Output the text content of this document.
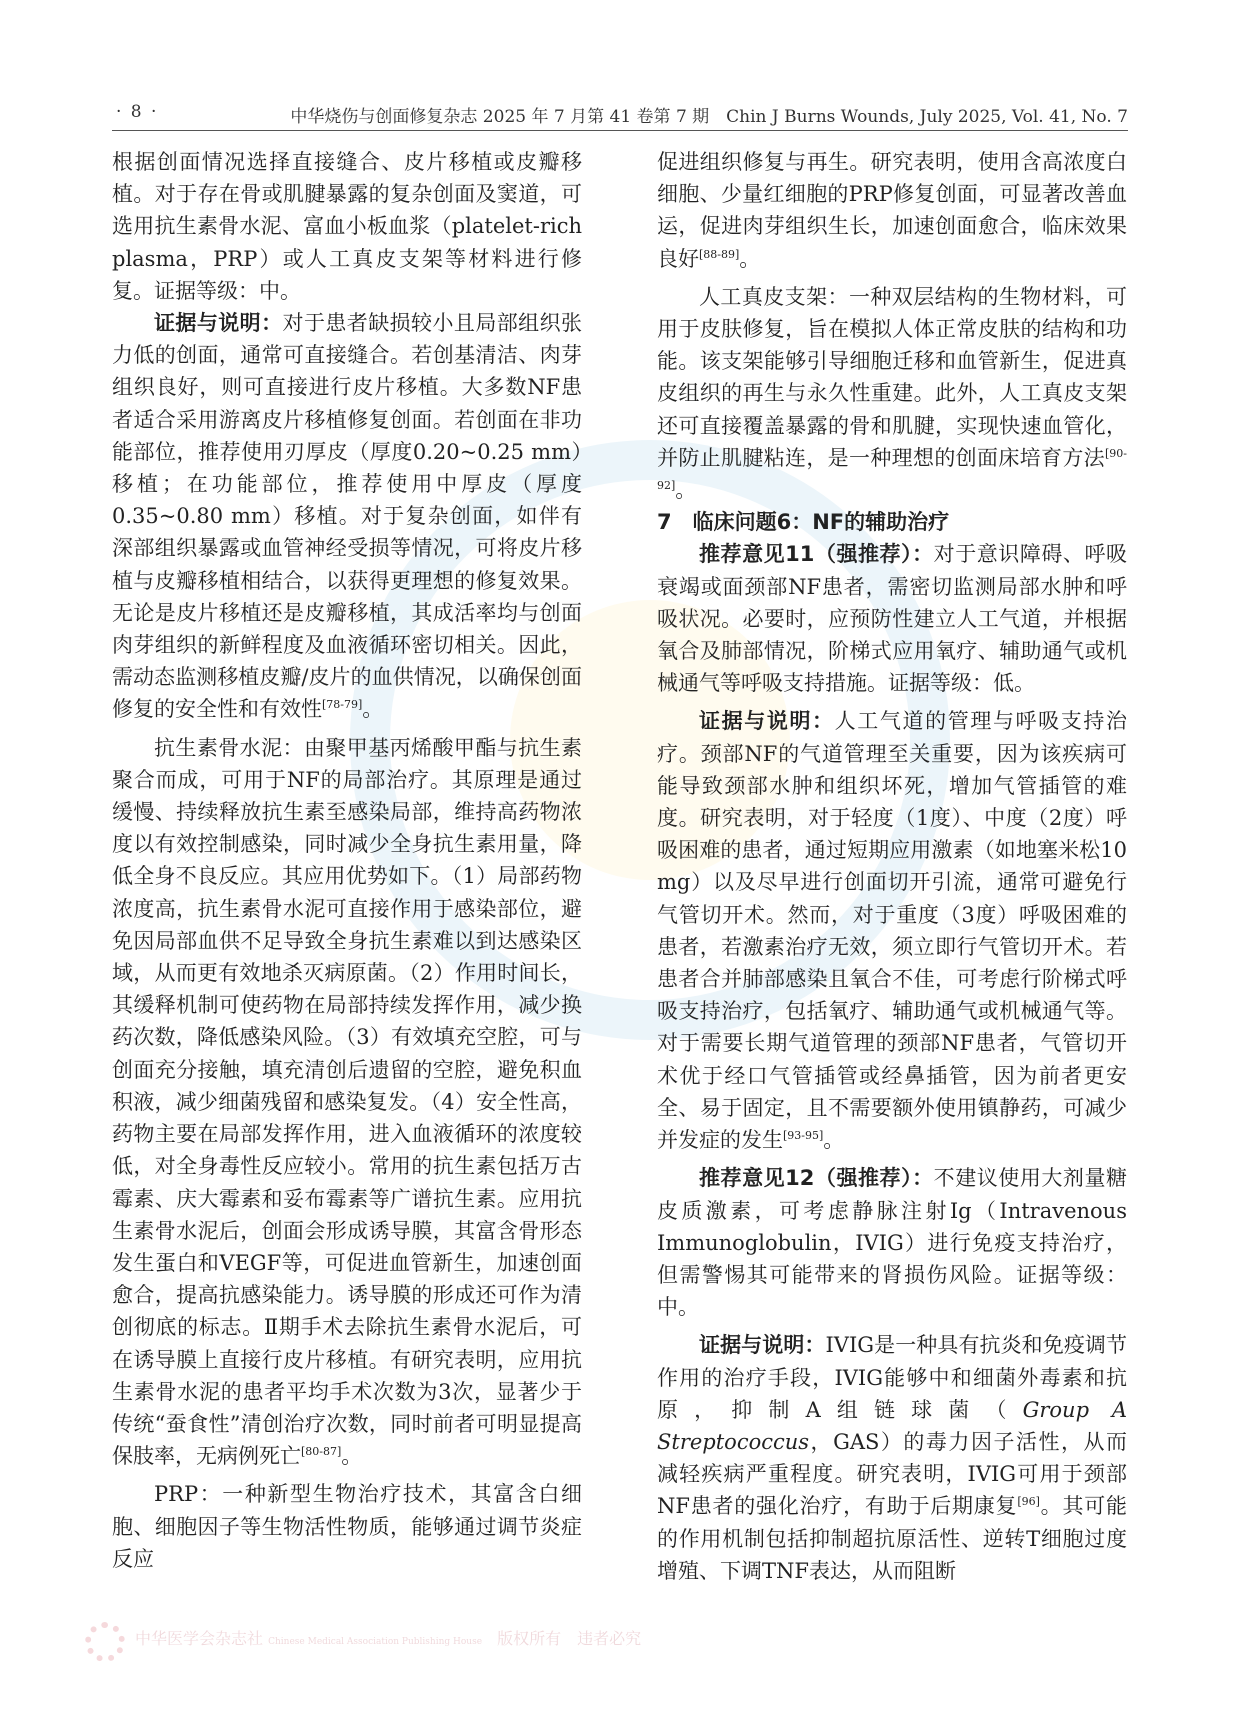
· 8 ·	中华烧伤与创面修复杂志 2025 年 7 月第 41 卷第 7 期　Chin J Burns Wounds, July 2025, Vol. 41, No. 7

根据创面情况选择直接缝合、皮片移植或皮瓣移植。对于存在骨或肌腱暴露的复杂创面及窦道，可选用抗生素骨水泥、富血小板血浆（platelet-rich plasma，PRP）或人工真皮支架等材料进行修复。证据等级：中。

证据与说明：对于患者缺损较小且局部组织张力低的创面，通常可直接缝合。若创基清洁、肉芽组织良好，则可直接进行皮片移植。大多数NF患者适合采用游离皮片移植修复创面。若创面在非功能部位，推荐使用刃厚皮（厚度0.20~0.25 mm）移植；在功能部位，推荐使用中厚皮（厚度0.35~0.80 mm）移植。对于复杂创面，如伴有深部组织暴露或血管神经受损等情况，可将皮片移植与皮瓣移植相结合，以获得更理想的修复效果。无论是皮片移植还是皮瓣移植，其成活率均与创面肉芽组织的新鲜程度及血液循环密切相关。因此，需动态监测移植皮瓣/皮片的血供情况，以确保创面修复的安全性和有效性[78-79]。

抗生素骨水泥：由聚甲基丙烯酸甲酯与抗生素聚合而成，可用于NF的局部治疗。其原理是通过缓慢、持续释放抗生素至感染局部，维持高药物浓度以有效控制感染，同时减少全身抗生素用量，降低全身不良反应。其应用优势如下。（1）局部药物浓度高，抗生素骨水泥可直接作用于感染部位，避免因局部血供不足导致全身抗生素难以到达感染区域，从而更有效地杀灭病原菌。（2）作用时间长，其缓释机制可使药物在局部持续发挥作用，减少换药次数，降低感染风险。（3）有效填充空腔，可与创面充分接触，填充清创后遗留的空腔，避免积血积液，减少细菌残留和感染复发。（4）安全性高，药物主要在局部发挥作用，进入血液循环的浓度较低，对全身毒性反应较小。常用的抗生素包括万古霉素、庆大霉素和妥布霉素等广谱抗生素。应用抗生素骨水泥后，创面会形成诱导膜，其富含骨形态发生蛋白和VEGF等，可促进血管新生，加速创面愈合，提高抗感染能力。诱导膜的形成还可作为清创彻底的标志。Ⅱ期手术去除抗生素骨水泥后，可在诱导膜上直接行皮片移植。有研究表明，应用抗生素骨水泥的患者平均手术次数为3次，显著少于传统“蚕食性”清创治疗次数，同时前者可明显提高保肢率，无病例死亡[80-87]。

PRP：一种新型生物治疗技术，其富含白细胞、细胞因子等生物活性物质，能够通过调节炎症反应

促进组织修复与再生。研究表明，使用含高浓度白细胞、少量红细胞的PRP修复创面，可显著改善血运，促进肉芽组织生长，加速创面愈合，临床效果良好[88-89]。

人工真皮支架：一种双层结构的生物材料，可用于皮肤修复，旨在模拟人体正常皮肤的结构和功能。该支架能够引导细胞迁移和血管新生，促进真皮组织的再生与永久性重建。此外，人工真皮支架还可直接覆盖暴露的骨和肌腱，实现快速血管化，并防止肌腱粘连，是一种理想的创面床培育方法[90-92]。

7　临床问题6：NF的辅助治疗

推荐意见11（强推荐）：对于意识障碍、呼吸衰竭或面颈部NF患者，需密切监测局部水肿和呼吸状况。必要时，应预防性建立人工气道，并根据氧合及肺部情况，阶梯式应用氧疗、辅助通气或机械通气等呼吸支持措施。证据等级：低。

证据与说明：人工气道的管理与呼吸支持治疗。颈部NF的气道管理至关重要，因为该疾病可能导致颈部水肿和组织坏死，增加气管插管的难度。研究表明，对于轻度（1度）、中度（2度）呼吸困难的患者，通过短期应用激素（如地塞米松10 mg）以及尽早进行创面切开引流，通常可避免行气管切开术。然而，对于重度（3度）呼吸困难的患者，若激素治疗无效，须立即行气管切开术。若患者合并肺部感染且氧合不佳，可考虑行阶梯式呼吸支持治疗，包括氧疗、辅助通气或机械通气等。对于需要长期气道管理的颈部NF患者，气管切开术优于经口气管插管或经鼻插管，因为前者更安全、易于固定，且不需要额外使用镇静药，可减少并发症的发生[93-95]。

推荐意见12（强推荐）：不建议使用大剂量糖皮质激素，可考虑静脉注射Ig（Intravenous Immunoglobulin，IVIG）进行免疫支持治疗，但需警惕其可能带来的肾损伤风险。证据等级：中。

证据与说明：IVIG是一种具有抗炎和免疫调节作用的治疗手段，IVIG能够中和细菌外毒素和抗原，抑制A组链球菌（Group A Streptococcus，GAS）的毒力因子活性，从而减轻疾病严重程度。研究表明，IVIG可用于颈部NF患者的强化治疗，有助于后期康复[96]。其可能的作用机制包括抑制超抗原活性、逆转T细胞过度增殖、下调TNF表达，从而阻断

中华医学会杂志社 Chinese Medical Association Publishing House 版权所有　违者必究
